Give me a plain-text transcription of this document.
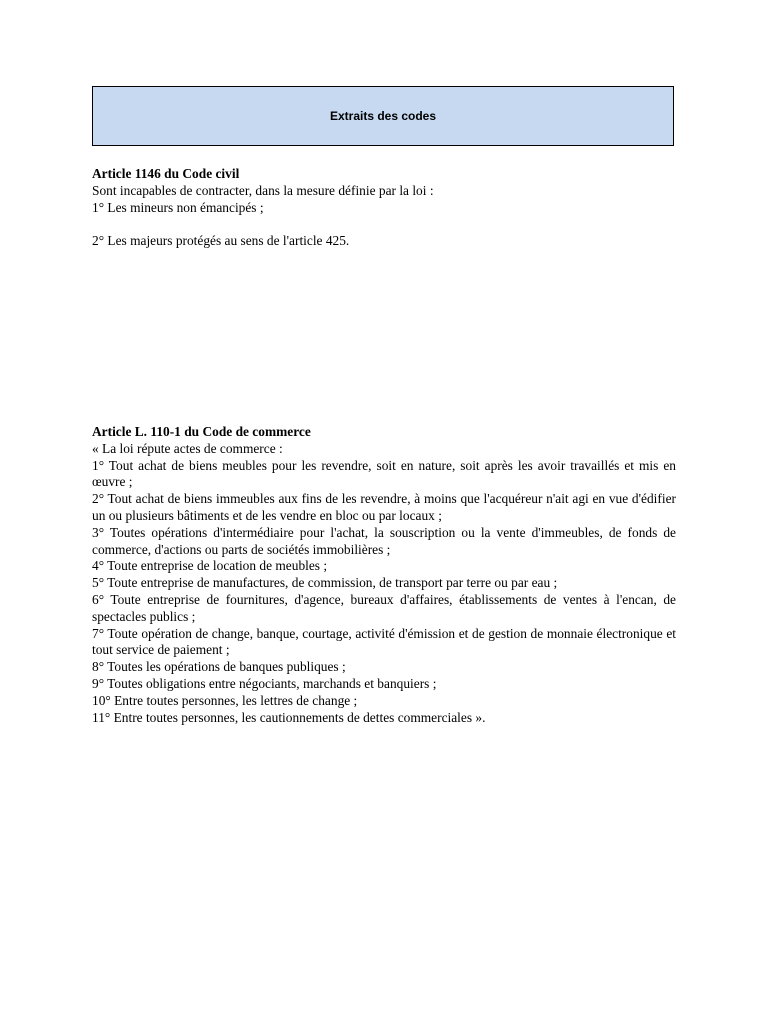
Extraits des codes

Article 1146 du Code civil

Sont incapables de contracter, dans la mesure définie par la loi :

1° Les mineurs non émancipés ;

2° Les majeurs protégés au sens de l'article 425.

Article L. 110-1 du Code de commerce

« La loi répute actes de commerce :

1° Tout achat de biens meubles pour les revendre, soit en nature, soit après les avoir travaillés et mis en œuvre ;

2° Tout achat de biens immeubles aux fins de les revendre, à moins que l'acquéreur n'ait agi en vue d'édifier un ou plusieurs bâtiments et de les vendre en bloc ou par locaux ;

3° Toutes opérations d'intermédiaire pour l'achat, la souscription ou la vente d'immeubles, de fonds de commerce, d'actions ou parts de sociétés immobilières ;

4° Toute entreprise de location de meubles ;

5° Toute entreprise de manufactures, de commission, de transport par terre ou par eau ;

6° Toute entreprise de fournitures, d'agence, bureaux d'affaires, établissements de ventes à l'encan, de spectacles publics ;

7° Toute opération de change, banque, courtage, activité d'émission et de gestion de monnaie électronique et tout service de paiement ;

8° Toutes les opérations de banques publiques ;

9° Toutes obligations entre négociants, marchands et banquiers ;

10° Entre toutes personnes, les lettres de change ;

11° Entre toutes personnes, les cautionnements de dettes commerciales ».
